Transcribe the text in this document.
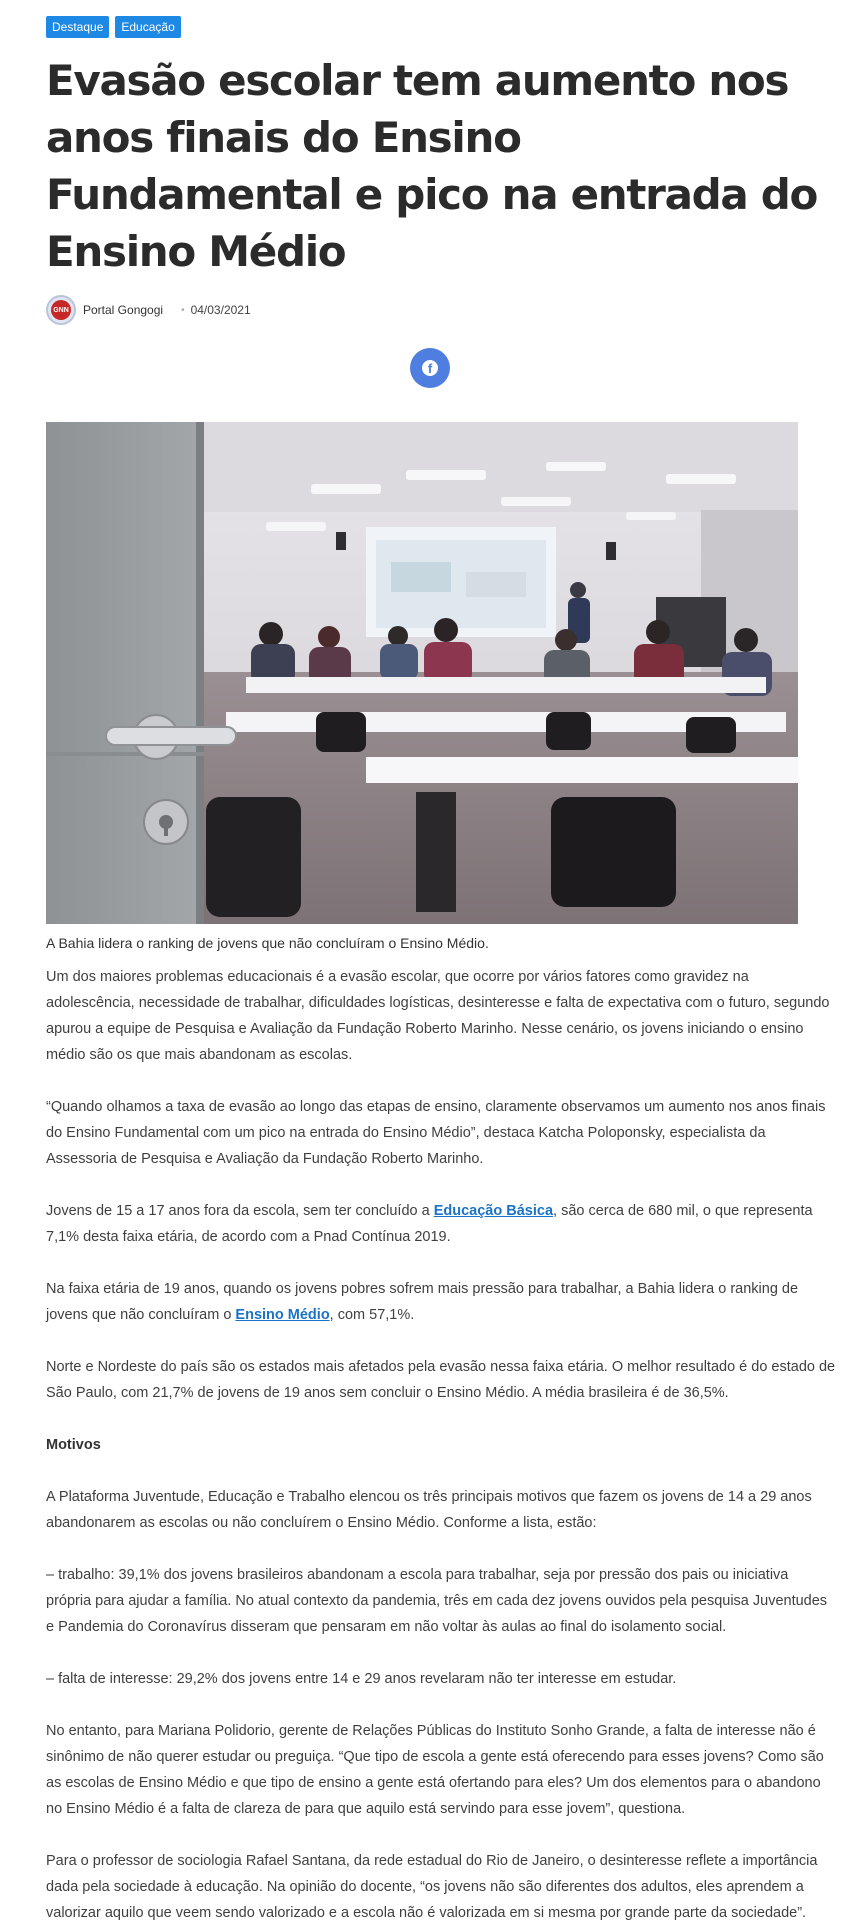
Destaque	Educação
Evasão escolar tem aumento nos anos finais do Ensino Fundamental e pico na entrada do Ensino Médio
GNN Portal Gongogi • 04/03/2021
f
A Bahia lidera o ranking de jovens que não concluíram o Ensino Médio.

Um dos maiores problemas educacionais é a evasão escolar, que ocorre por vários fatores como gravidez na adolescência, necessidade de trabalhar, dificuldades logísticas, desinteresse e falta de expectativa com o futuro, segundo apurou a equipe de Pesquisa e Avaliação da Fundação Roberto Marinho. Nesse cenário, os jovens iniciando o ensino médio são os que mais abandonam as escolas.

“Quando olhamos a taxa de evasão ao longo das etapas de ensino, claramente observamos um aumento nos anos finais do Ensino Fundamental com um pico na entrada do Ensino Médio”, destaca Katcha Poloponsky, especialista da Assessoria de Pesquisa e Avaliação da Fundação Roberto Marinho.

Jovens de 15 a 17 anos fora da escola, sem ter concluído a Educação Básica, são cerca de 680 mil, o que representa 7,1% desta faixa etária, de acordo com a Pnad Contínua 2019.

Na faixa etária de 19 anos, quando os jovens pobres sofrem mais pressão para trabalhar, a Bahia lidera o ranking de jovens que não concluíram o Ensino Médio, com 57,1%.

Norte e Nordeste do país são os estados mais afetados pela evasão nessa faixa etária. O melhor resultado é do estado de São Paulo, com 21,7% de jovens de 19 anos sem concluir o Ensino Médio. A média brasileira é de 36,5%.

Motivos

A Plataforma Juventude, Educação e Trabalho elencou os três principais motivos que fazem os jovens de 14 a 29 anos abandonarem as escolas ou não concluírem o Ensino Médio. Conforme a lista, estão:

– trabalho: 39,1% dos jovens brasileiros abandonam a escola para trabalhar, seja por pressão dos pais ou iniciativa própria para ajudar a família. No atual contexto da pandemia, três em cada dez jovens ouvidos pela pesquisa Juventudes e Pandemia do Coronavírus disseram que pensaram em não voltar às aulas ao final do isolamento social.

– falta de interesse: 29,2% dos jovens entre 14 e 29 anos revelaram não ter interesse em estudar.

No entanto, para Mariana Polidorio, gerente de Relações Públicas do Instituto Sonho Grande, a falta de interesse não é sinônimo de não querer estudar ou preguiça. “Que tipo de escola a gente está oferecendo para esses jovens? Como são as escolas de Ensino Médio e que tipo de ensino a gente está ofertando para eles? Um dos elementos para o abandono no Ensino Médio é a falta de clareza de para que aquilo está servindo para esse jovem”, questiona.

Para o professor de sociologia Rafael Santana, da rede estadual do Rio de Janeiro, o desinteresse reflete a importância dada pela sociedade à educação. Na opinião do docente, “os jovens não são diferentes dos adultos, eles aprendem a valorizar aquilo que veem sendo valorizado e a escola não é valorizada em si mesma por grande parte da sociedade”.
